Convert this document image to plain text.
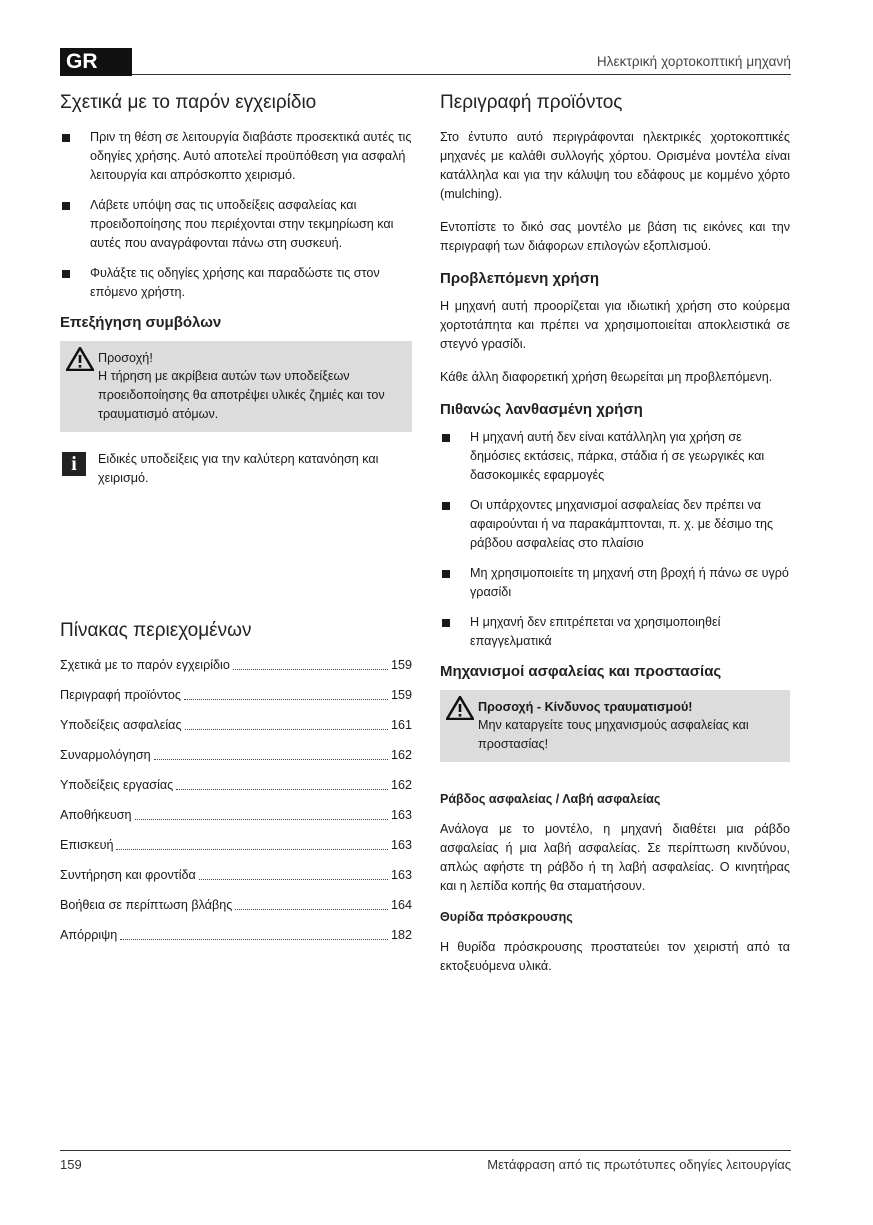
GR	Ηλεκτρική χορτοκοπτική μηχανή
Σχετικά με το παρόν εγχειρίδιο
Πριν τη θέση σε λειτουργία διαβάστε προσεκτικά αυτές τις οδηγίες χρήσης. Αυτό αποτελεί προϋπόθεση για ασφαλή λειτουργία και απρόσκοπτο χειρισμό.
Λάβετε υπόψη σας τις υποδείξεις ασφαλείας και προειδοποίησης που περιέχονται στην τεκμηρίωση και αυτές που αναγράφονται πάνω στη συσκευή.
Φυλάξτε τις οδηγίες χρήσης και παραδώστε τις στον επόμενο χρήστη.
Επεξήγηση συμβόλων
Προσοχή!
Η τήρηση με ακρίβεια αυτών των υποδείξεων προειδοποίησης θα αποτρέψει υλικές ζημιές και τον τραυματισμό ατόμων.
i	Ειδικές υποδείξεις για την καλύτερη κατανόηση και χειρισμό.
Πίνακας περιεχομένων
Σχετικά με το παρόν εγχειρίδιο	159
Περιγραφή προϊόντος	159
Υποδείξεις ασφαλείας	161
Συναρμολόγηση	162
Υποδείξεις εργασίας	162
Αποθήκευση	163
Επισκευή	163
Συντήρηση και φροντίδα	163
Βοήθεια σε περίπτωση βλάβης	164
Απόρριψη	182
Περιγραφή προϊόντος

Στο έντυπο αυτό περιγράφονται ηλεκτρικές χορτοκοπτικές μηχανές με καλάθι συλλογής χόρτου. Ορισμένα μοντέλα είναι κατάλληλα και για την κάλυψη του εδάφους με κομμένο χόρτο (mulching).

Εντοπίστε το δικό σας μοντέλο με βάση τις εικόνες και την περιγραφή των διάφορων επιλογών εξοπλισμού.

Προβλεπόμενη χρήση

Η μηχανή αυτή προορίζεται για ιδιωτική χρήση στο κούρεμα χορτοτάπητα και πρέπει να χρησιμοποιείται αποκλειστικά σε στεγνό γρασίδι.

Κάθε άλλη διαφορετική χρήση θεωρείται μη προβλεπόμενη.

Πιθανώς λανθασμένη χρήση
Η μηχανή αυτή δεν είναι κατάλληλη για χρήση σε δημόσιες εκτάσεις, πάρκα, στάδια ή σε γεωργικές και δασοκομικές εφαρμογές
Οι υπάρχοντες μηχανισμοί ασφαλείας δεν πρέπει να αφαιρούνται ή να παρακάμπτονται, π. χ. με δέσιμο της ράβδου ασφαλείας στο πλαίσιο
Μη χρησιμοποιείτε τη μηχανή στη βροχή ή πάνω σε υγρό γρασίδι
Η μηχανή δεν επιτρέπεται να χρησιμοποιηθεί επαγγελματικά
Μηχανισμοί ασφαλείας και προστασίας
Προσοχή - Κίνδυνος τραυματισμού!
Μην καταργείτε τους μηχανισμούς ασφαλείας και προστασίας!
Ράβδος ασφαλείας / Λαβή ασφαλείας

Ανάλογα με το μοντέλο, η μηχανή διαθέτει μια ράβδο ασφαλείας ή μια λαβή ασφαλείας. Σε περίπτωση κινδύνου, απλώς αφήστε τη ράβδο ή τη λαβή ασφαλείας. Ο κινητήρας και η λεπίδα κοπής θα σταματήσουν.

Θυρίδα πρόσκρουσης

Η θυρίδα πρόσκρουσης προστατεύει τον χειριστή από τα εκτοξευόμενα υλικά.

159	Μετάφραση από τις πρωτότυπες οδηγίες λειτουργίας
